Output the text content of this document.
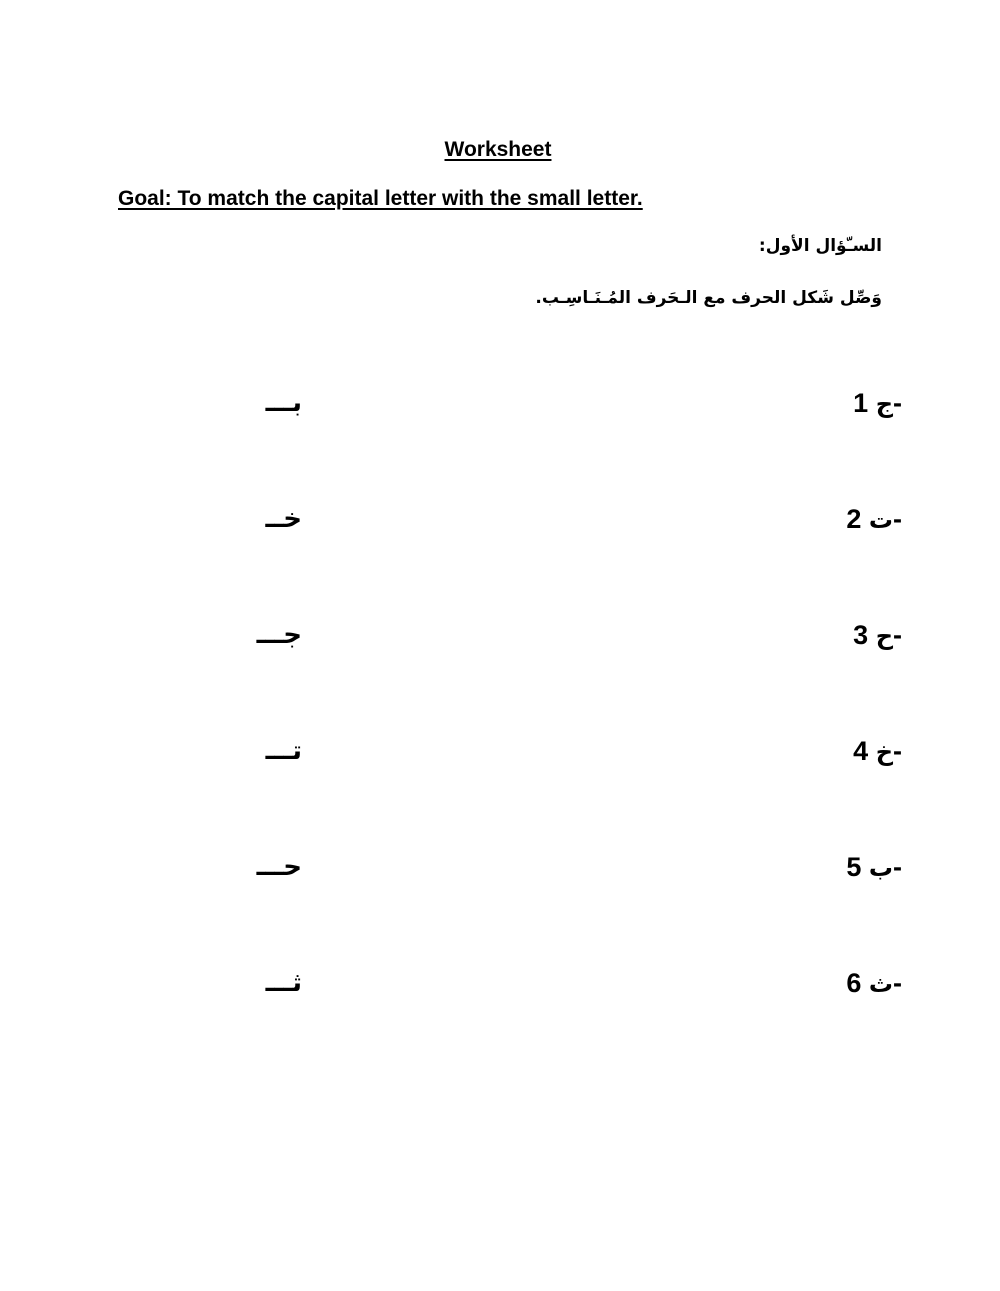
Worksheet
Goal: To match the capital letter with the small letter.
السـّؤال الأول:
وَصِّل شَكل الحرف مع الـحَرف المُـنَـاسِـب.
ج 1-
بـــ
ت 2-
خــ
ح 3-
جـــ
خ 4-
تـــ
ب 5-
حـــ
ث 6-
ثـــ
